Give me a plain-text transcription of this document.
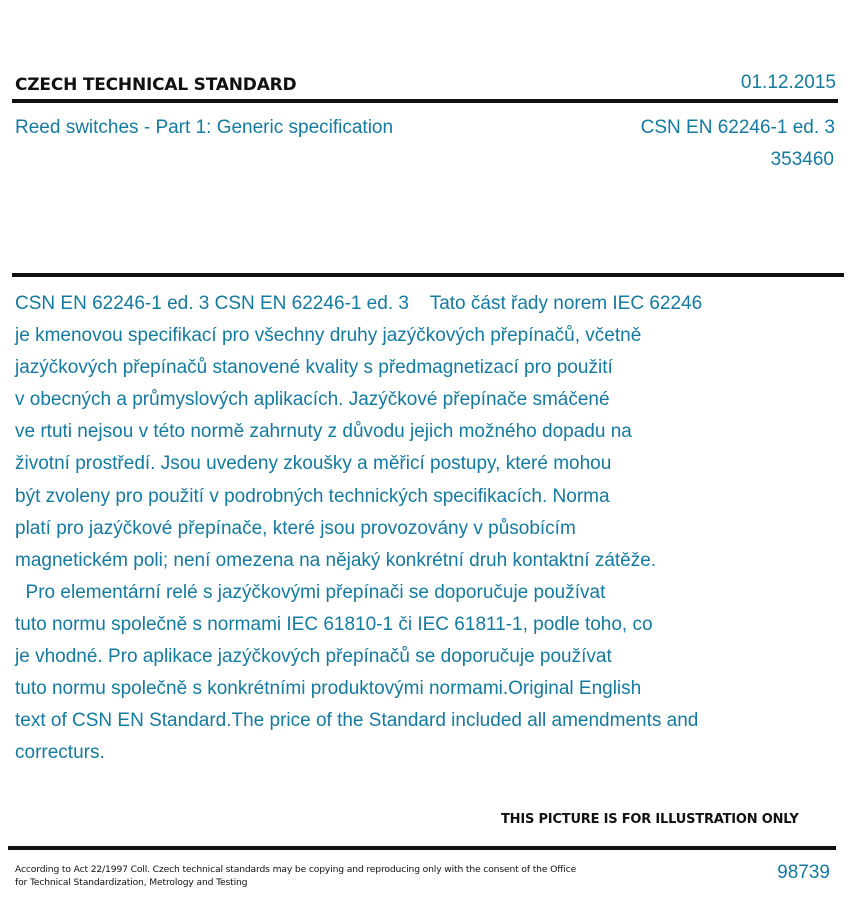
CZECH TECHNICAL STANDARD	01.12.2015
Reed switches - Part 1: Generic specification	CSN EN 62246-1 ed. 3
353460
CSN EN 62246-1 ed. 3 CSN EN 62246-1 ed. 3    Tato část řady norem IEC 62246
je kmenovou specifikací pro všechny druhy jazýčkových přepínačů, včetně
jazýčkových přepínačů stanovené kvality s předmagnetizací pro použití
v obecných a průmyslových aplikacích. Jazýčkové přepínače smáčené
ve rtuti nejsou v této normě zahrnuty z důvodu jejich možného dopadu na
životní prostředí. Jsou uvedeny zkoušky a měřicí postupy, které mohou
být zvoleny pro použití v podrobných technických specifikacích. Norma
platí pro jazýčkové přepínače, které jsou provozovány v působícím
magnetickém poli; není omezena na nějaký konkrétní druh kontaktní zátěže.
Pro elementární relé s jazýčkovými přepínači se doporučuje používat
tuto normu společně s normami IEC 61810-1 či IEC 61811-1, podle toho, co
je vhodné. Pro aplikace jazýčkových přepínačů se doporučuje používat
tuto normu společně s konkrétními produktovými normami.Original English
text of CSN EN Standard.The price of the Standard included all amendments and
correcturs.
THIS PICTURE IS FOR ILLUSTRATION ONLY
According to Act 22/1997 Coll. Czech technical standards may be copying and reproducing only with the consent of the Office
for Technical Standardization, Metrology and Testing	98739
